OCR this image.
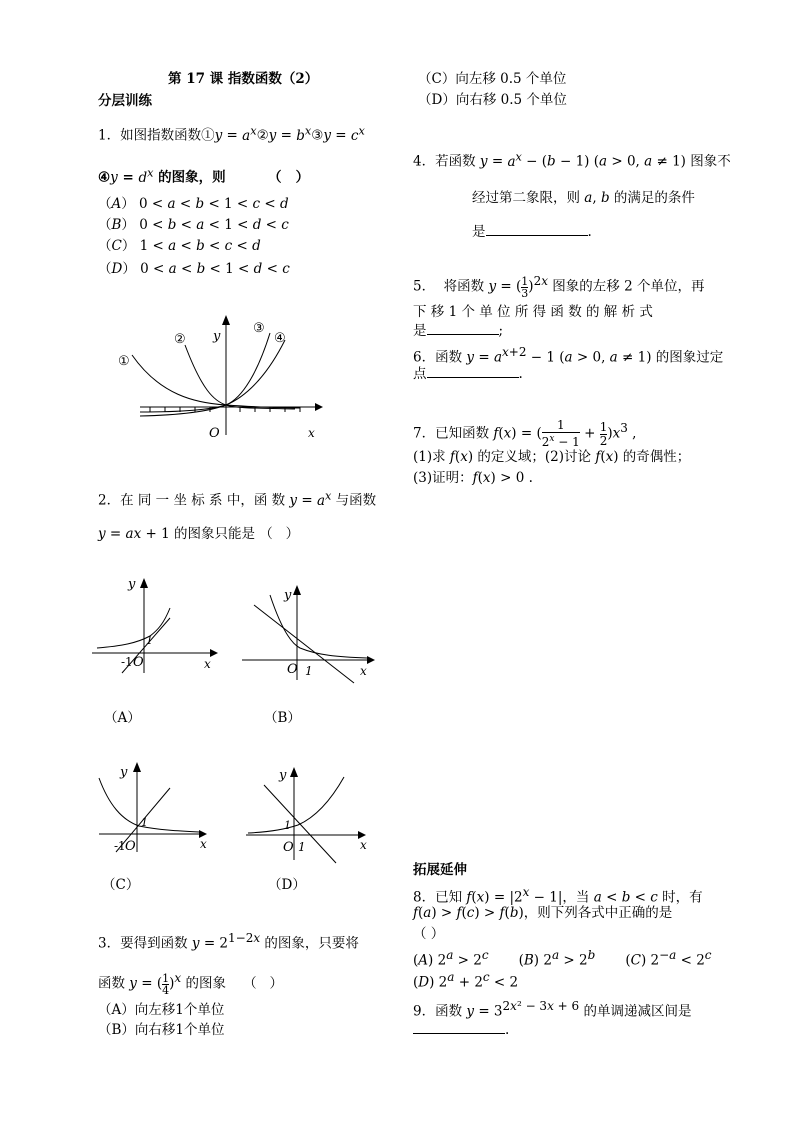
第 17 课 指数函数（2）
分层训练
1．如图指数函数①y = $a^x②y$ = $b^x③y = c^x$
④y = $d^x$ 的图象，则         （   ）
（A） 0 < a < b < 1 < c < d
（B） 0 < b < a < 1 < d < c
（C） 1 < a < b < c < d
（D） 0 < a < b < 1 < d < c
①
②
③
④
y
O	x
2．在 同 一 坐 标 系 中，函 数 $y = a^x$ 与函数
y = ax + 1 的图象只能是 （   ）
y
x
-1 O
1
（A）
y
x
O 1
（B）
y
x
-1 O
1
（C）
y
x
O 1
1
（D）
3．要得到函数 $y = 2^{1-2x}$ 的图象，只要将
函数 y = ( $\frac{1}{4} )^x$ 的图象    （   ）
（A）向左移1个单位
（B）向右移1个单位
（C）向左移 0.5 个单位
（D）向右移 0.5 个单位
4．若函数 $y = a^x - (b - 1) (a > 0$, a ≠ 1) 图象不
经过第二象限，则 a, b 的满足的条件
是	.
5．  将函数 y = ( $\frac{1}{3} )^{2x}$ 图象的左移 2 个单位，再
下 移 1 个 单 位 所 得 函 数 的 解 析 式
是	;
6．函数 $y = a^{x+2} - 1$ (a > 0, a ≠ 1) 的图象过定
点	.
7．已知函数 f(x) = ( $\frac{1}{2^x - 1} + \frac{1}{2} )x^3$ ,
(1)求 f(x) 的定义域；(2)讨论 f(x) 的奇偶性；
(3)证明：f(x) > 0 .
拓展延伸
8．已知 $f(x) = |2^x - 1|$，当 a < b < c 时，有
f(a) > f(c) > f(b)，则下列各式中正确的是
（ ）
(A) $2^a > 2^c$       (B) $2^a > 2^b$       (C) $2^{-a} < 2^c$
(D) $2^a + 2^c < 2$
9．函数 $y = 3^{2x^2 - 3x + 6}$ 的单调递减区间是
.
